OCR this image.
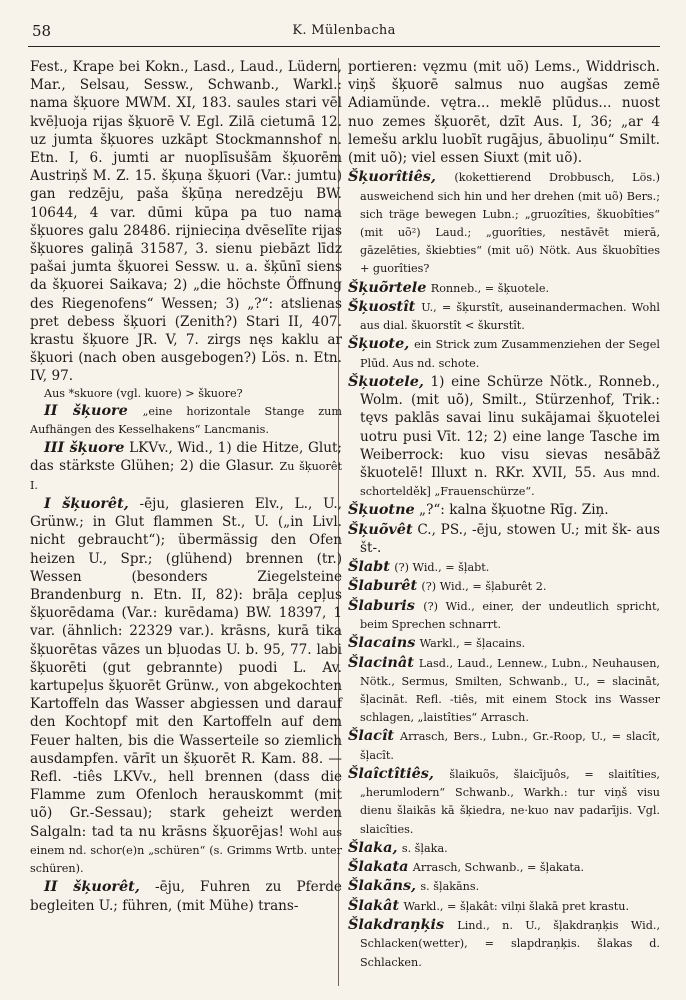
58	K. Mülenbacha

Fest., Krape bei Kokn., Lasd., Laud., Lüdern, Mar., Selsau, Sessw., Schwanb., Warkl.: nama šķuore MWM. XI, 183. saules stari vēl kvēļuoja rijas šķuorē V. Egl. Zilā cietumā 12. uz jumta šķuores uzkāpt Stockmannshof n. Etn. I, 6. jumti ar nuoplīsušām šķuorēm Austriņš M. Z. 15. šķuņa šķuori (Var.: jumtu) gan redzēju, paša šķūņa neredzēju BW. 10644, 4 var. dūmi kūpa pa tuo nama šķuores galu 28486. rijnieciņa dvēselīte rijas šķuores galiņā 31587, 3. sienu piebāzt līdz pašai jumta šķuorei Sessw. u. a. šķūnī siens da šķuorei Saikava; 2) „die höchste Öffnung des Riegenofens“ Wessen; 3) „?“: atslienas pret debess šķuori (Zenith?) Stari II, 407. krastu šķuore JR. V, 7. zirgs nęs kaklu ar šķuori (nach oben ausgebogen?) Lös. n. Etn. IV, 97.

Aus *skuore (vgl. kuore) > škuore?

II šķuore „eine horizontale Stange zum Aufhängen des Kesselhakens“ Lancmanis.

III šķuore LKVv., Wid., 1) die Hitze, Glut; das stärkste Glühen; 2) die Glasur. Zu šķuorêt I.

I šķuorêt, -ēju, glasieren Elv., L., U., Grünw.; in Glut flammen St., U. („in Livl. nicht gebraucht“); übermässig den Ofen heizen U., Spr.; (glühend) brennen (tr.) Wessen (besonders Ziegelsteine Brandenburg n. Etn. II, 82): brāļa cepļus šķuorēdama (Var.: kurēdama) BW. 18397, 1 var. (ähnlich: 22329 var.). krāsns, kurā tika šķuorētas vāzes un bļuodas U. b. 95, 77. labi šķuorēti (gut gebrannte) puodi L. Av. kartupeļus šķuorēt Grünw., von abgekochten Kartoffeln das Wasser abgiessen und darauf den Kochtopf mit den Kartoffeln auf dem Feuer halten, bis die Wasserteile so ziemlich ausdampfen. vārīt un šķuorēt R. Kam. 88. — Refl. -tiês LKVv., hell brennen (dass die Flamme zum Ofenloch herauskommt (mit uõ) Gr.-Sessau); stark geheizt werden Salgaln: tad ta nu krāsns šķuorējas! Wohl aus einem nd. schor(e)n „schüren“ (s. Grimms Wrtb. unter schüren).

II šķuorêt, -ēju, Fuhren zu Pferde begleiten U.; führen, (mit Mühe) trans-

portieren: vęzmu (mit uõ) Lems., Widdrisch. viņš šķuorē salmus nuo augšas zemē Adiamünde. vętra... meklē plūdus... nuost nuo zemes šķuorēt, dzīt Aus. I, 36; „ar 4 lemešu arklu luobīt rugājus, ābuoliņu“ Smilt. (mit uõ); viel essen Siuxt (mit uõ).

Šķuorîtiês, (kokettierend Drobbusch, Lös.) ausweichend sich hin und her drehen (mit uõ) Bers.; sich träge bewegen Lubn.; „gruozîties, škuobîties“ (mit uõ²) Laud.; „guorîties, nestāvēt mierā, gāzelēties, škiebties“ (mit uõ) Nötk. Aus škuobîties + guorîties?

Šķuõrtele Ronneb., = šķuotele.

Šķuostît U., = šķurstît, auseinandermachen. Wohl aus dial. škuorstît < škurstît.

Šķuote, ein Strick zum Zusammenziehen der Segel Plūd. Aus nd. schote.

Šķuotele, 1) eine Schürze Nötk., Ronneb., Wolm. (mit uõ), Smilt., Stürzenhof, Trik.: tęvs paklās savai linu sukājamai šķuotelei uotru pusi Vīt. 12; 2) eine lange Tasche im Weiberrock: kuo visu sievas nesābāž škuotelē! Illuxt n. RKr. XVII, 55. Aus mnd. schortelděk] „Frauenschürze“.

Šķuotne „?“: kalna šķuotne Rīg. Ziņ.

Šķuõvêt C., PS., -ēju, stowen U.; mit šk- aus št-.

Šlabt (?) Wid., = šļabt.

Šlaburêt (?) Wid., = šļaburêt 2.

Šlaburis (?) Wid., einer, der undeutlich spricht, beim Sprechen schnarrt.

Šlacains Warkl., = šļacains.

Šlacinât Lasd., Laud., Lennew., Lubn., Neuhausen, Nötk., Sermus, Smilten, Schwanb., U., = slacināt, šļacināt. Refl. -tiês, mit einem Stock ins Wasser schlagen, „laistîties“ Arrasch.

Šlacît Arrasch, Bers., Lubn., Gr.-Roop, U., = slacît, šļacît.

Šlaîctîtiês, šlaikuõs, šlaicījuôs, = slaitîties, „herumlodern“ Schwanb., Warkh.: tur viņš visu dienu šlaikās kā šķiedra, ne·kuo nav padarījis. Vgl. slaicîties.

Šlaka, s. šļaka.

Šlakata Arrasch, Schwanb., = šļakata.

Šlakãns, s. šļakāns.

Šlakât Warkl., = šļakât: vilņi šlakā pret krastu.

Šlakdraņķis Lind., n. U., šļakdraņķis Wid., Schlacken(wetter), = slapdraņķis. šlakas d. Schlacken.
